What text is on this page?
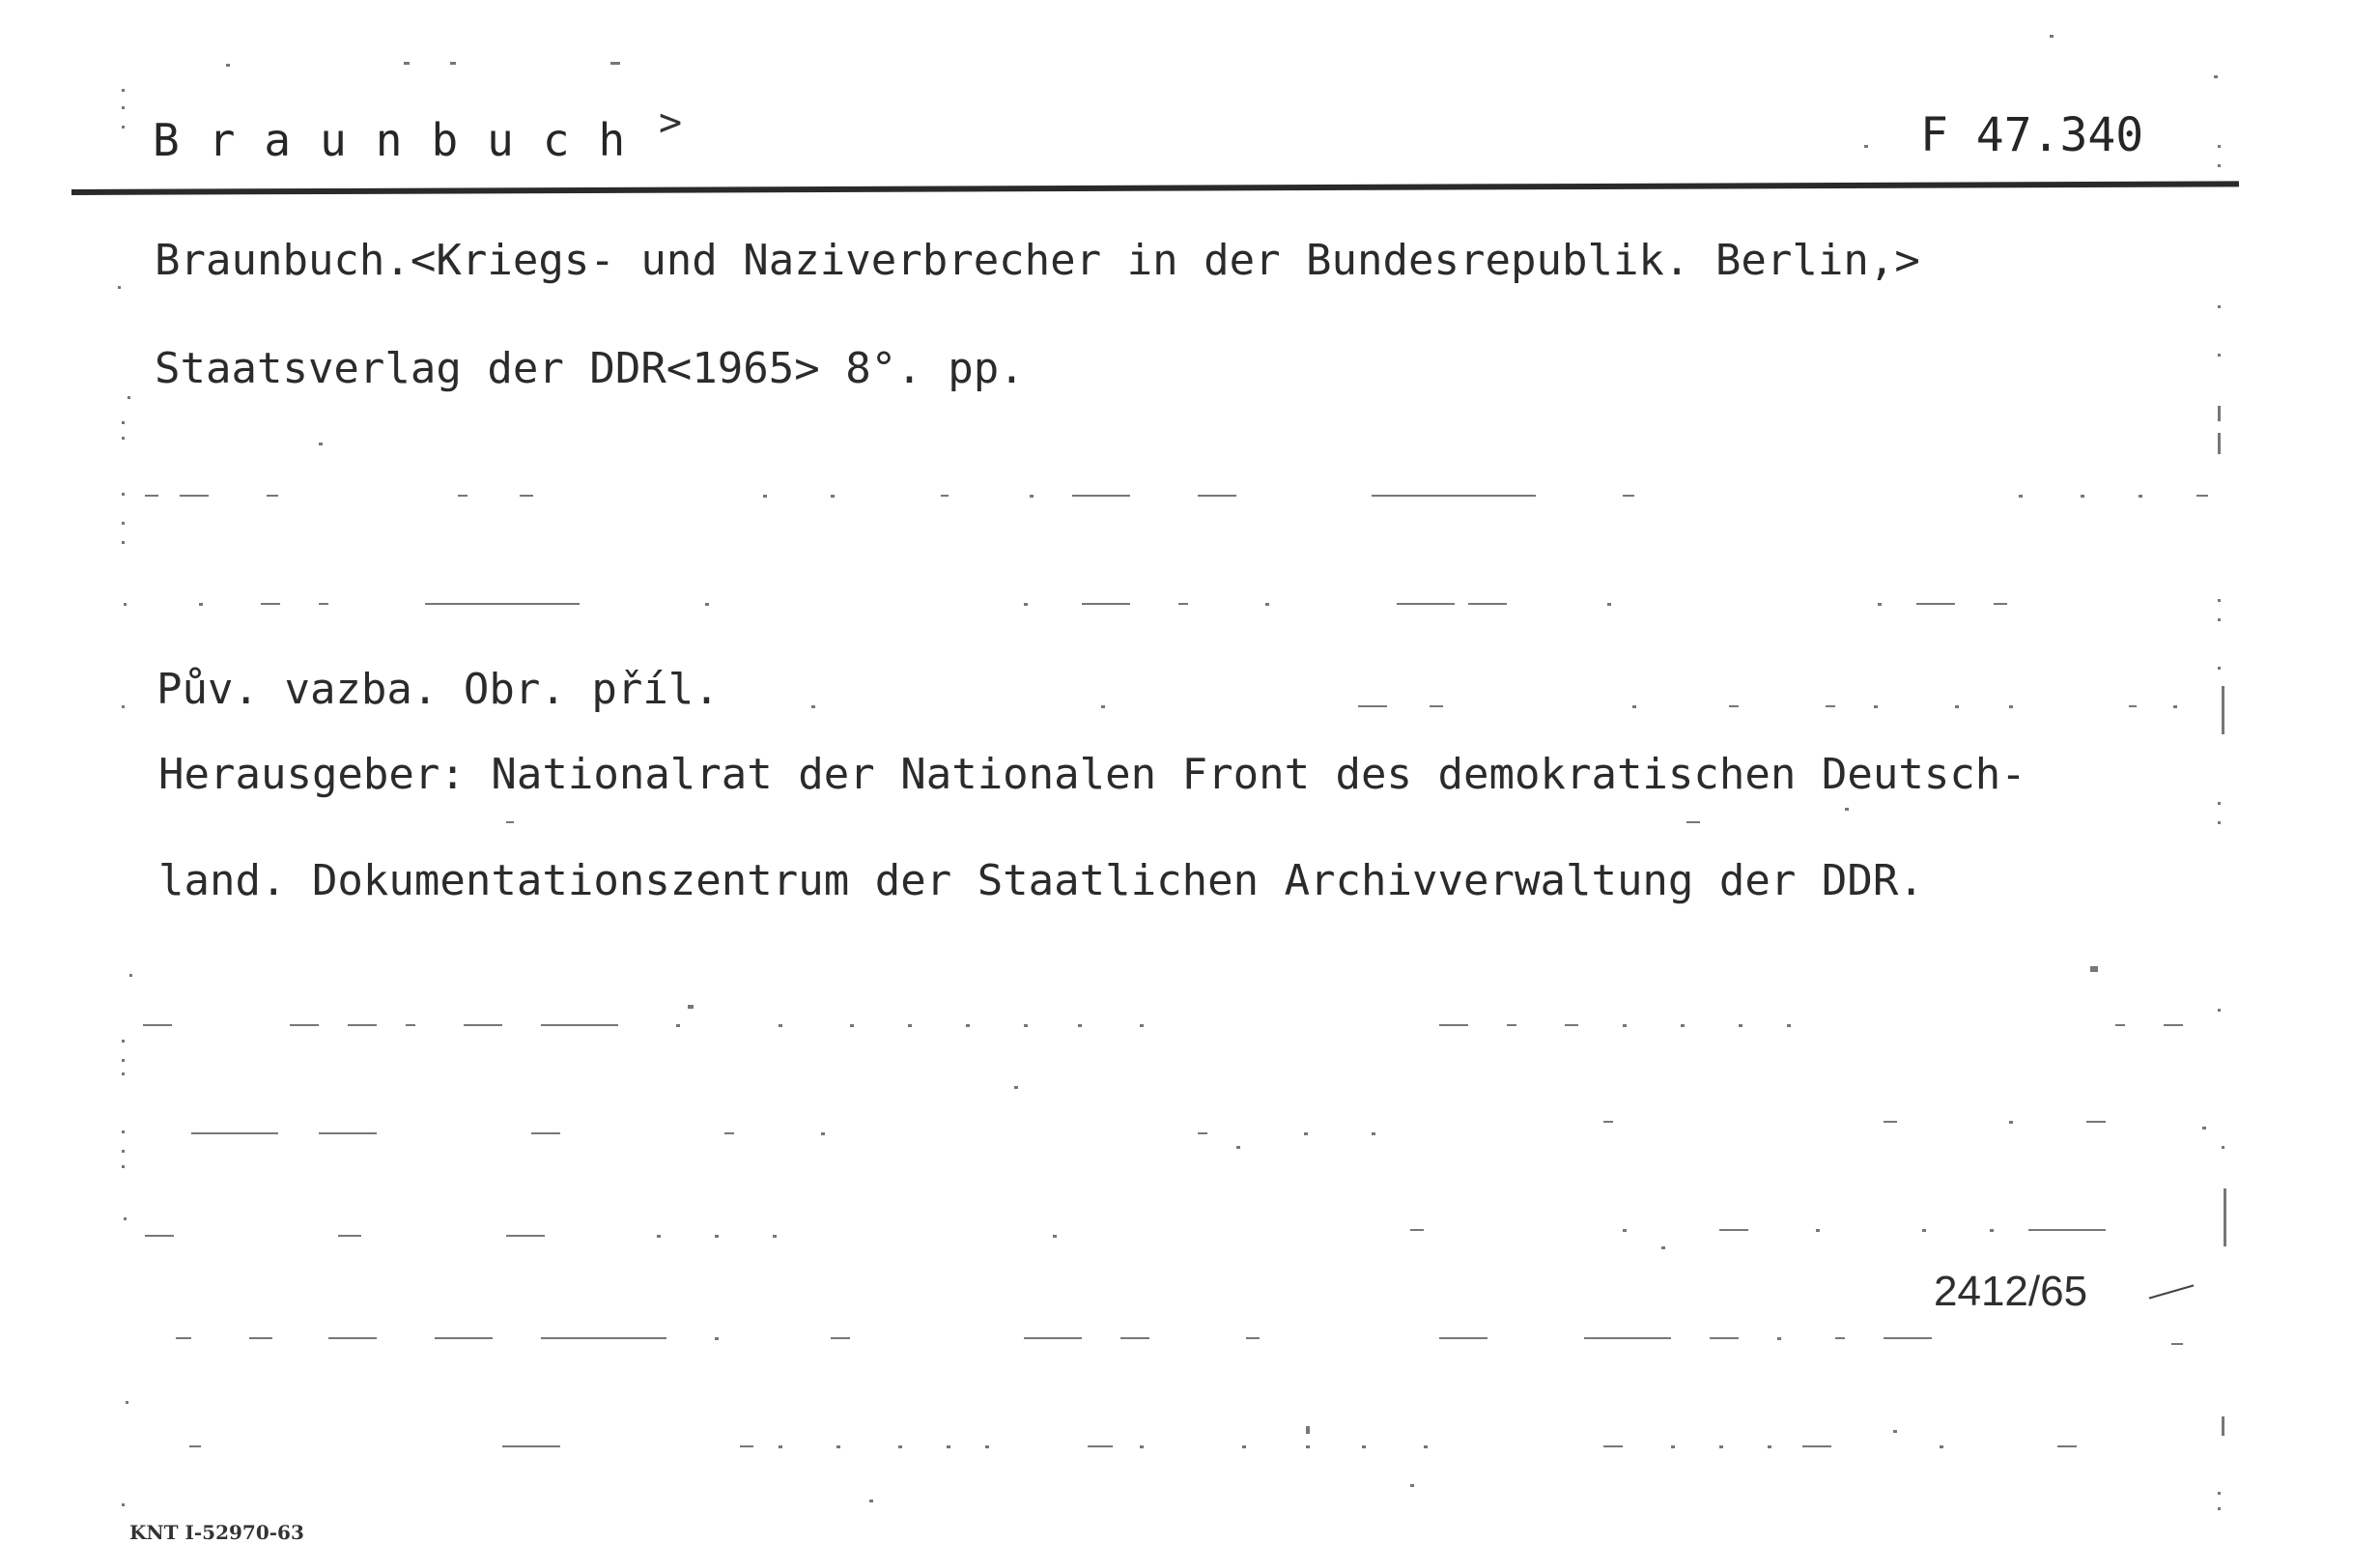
Braunbuch >	F 47.340
Braunbuch.<Kriegs- und Naziverbrecher in der Bundesrepublik. Berlin,>
Staatsverlag der DDR<1965> 8°. pp.
Pův. vazba. Obr. příl.
Herausgeber: Nationalrat der Nationalen Front des demokratischen Deutsch-
land. Dokumentationszentrum der Staatlichen Archivverwaltung der DDR.
2412/65
KNT I-52970-63
